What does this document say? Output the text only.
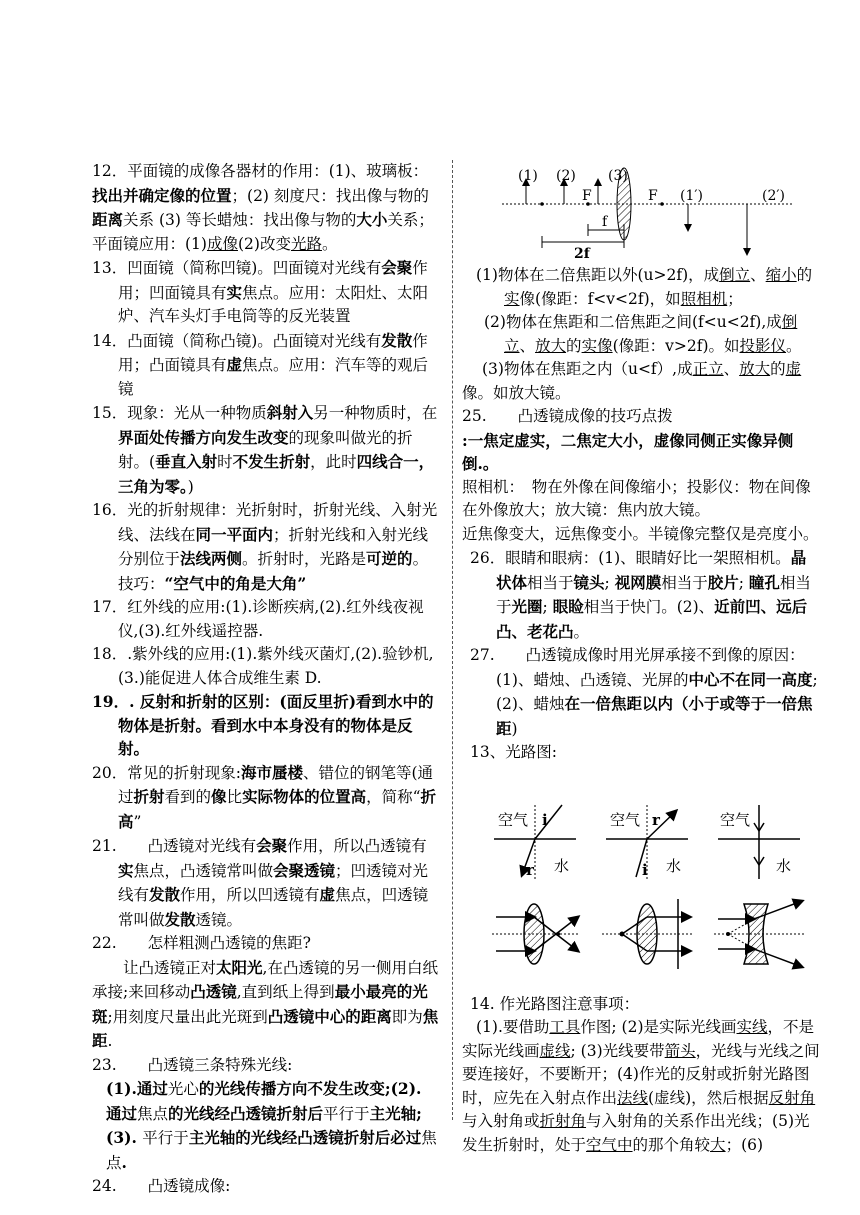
12．平面镜的成像各器材的作用：(1)、玻璃板：找出并确定像的位置；(2) 刻度尺：找出像与物的距离关系 (3) 等长蜡烛：找出像与物的大小关系；平面镜应用：(1)成像(2)改变光路。

13．凹面镜（简称凹镜)。凹面镜对光线有会聚作用；凹面镜具有实焦点。应用：太阳灶、太阳炉、汽车头灯手电筒等的反光装置

14．凸面镜（简称凸镜)。凸面镜对光线有发散作用；凸面镜具有虚焦点。应用：汽车等的观后镜

15．现象：光从一种物质斜射入另一种物质时，在界面处传播方向发生改变的现象叫做光的折射。(垂直入射时不发生折射，此时四线合一，三角为零。)

16．光的折射规律：光折射时，折射光线、入射光线、法线在同一平面内；折射光线和入射光线分别位于法线两侧。折射时，光路是可逆的。技巧：“空气中的角是大角”

17．红外线的应用:(1).诊断疾病,(2).红外线夜视仪,(3).红外线遥控器.

18．.紫外线的应用:(1).紫外线灭菌灯,(2).验钞机,(3.)能促进人体合成维生素 D.

19．. 反射和折射的区别：(面反里折)看到水中的物体是折射。看到水中本身没有的物体是反射。

20．常见的折射现象:海市蜃楼、错位的钢笔等(通过折射看到的像比实际物体的位置高，简称“折高”

21.　　凸透镜对光线有会聚作用，所以凸透镜有实焦点，凸透镜常叫做会聚透镜；凹透镜对光线有发散作用，所以凹透镜有虚焦点，凹透镜常叫做发散透镜。

22.　　怎样粗测凸透镜的焦距?

让凸透镜正对太阳光,在凸透镜的另一侧用白纸承接;来回移动凸透镜,直到纸上得到最小最亮的光斑;用刻度尺量出此光斑到凸透镜中心的距离即为焦距.

23.　　凸透镜三条特殊光线:

(1).通过光心的光线传播方向不发生改变;(2). 通过焦点的光线经凸透镜折射后平行于主光轴;(3). 平行于主光轴的光线经凸透镜折射后必过焦点.

24.　　凸透镜成像:

(1) (2) (3)
F	F (1′)	(2′)
f
2f

(1)物体在二倍焦距以外(u>2f)，成倒立、缩小的实像(像距：f<v<2f)，如照相机；

(2)物体在焦距和二倍焦距之间(f<u<2f),成倒立、放大的实像(像距：v>2f)。如投影仪。

(3)物体在焦距之内（u<f）,成正立、放大的虚像。如放大镜。

25.　　凸透镜成像的技巧点拨

:一焦定虚实，二焦定大小，虚像同侧正实像异侧倒.。

照相机：　物在外像在间像缩小；投影仪：物在间像在外像放大；放大镜：焦内放大镜。

近焦像变大，远焦像变小。半镜像完整仅是亮度小。

26．眼睛和眼病：(1)、眼睛好比一架照相机。晶状体相当于镜头; 视网膜相当于胶片; 瞳孔相当于光圈; 眼睑相当于快门。(2)、近前凹、远后凸、老花凸。

27.　　凸透镜成像时用光屏承接不到像的原因：(1)、蜡烛、凸透镜、光屏的中心不在同一高度;(2)、蜡烛在一倍焦距以内（小于或等于一倍焦距)

13、光路图:

空气 i
r 水
空气 r
i 水
空气
水

14. 作光路图注意事项：

(1).要借助工具作图; (2)是实际光线画实线，不是实际光线画虚线; (3)光线要带箭头，光线与光线之间要连接好，不要断开；(4)作光的反射或折射光路图时，应先在入射点作出法线(虚线)，然后根据反射角与入射角或折射角与入射角的关系作出光线；(5)光发生折射时，处于空气中的那个角较大；(6)
